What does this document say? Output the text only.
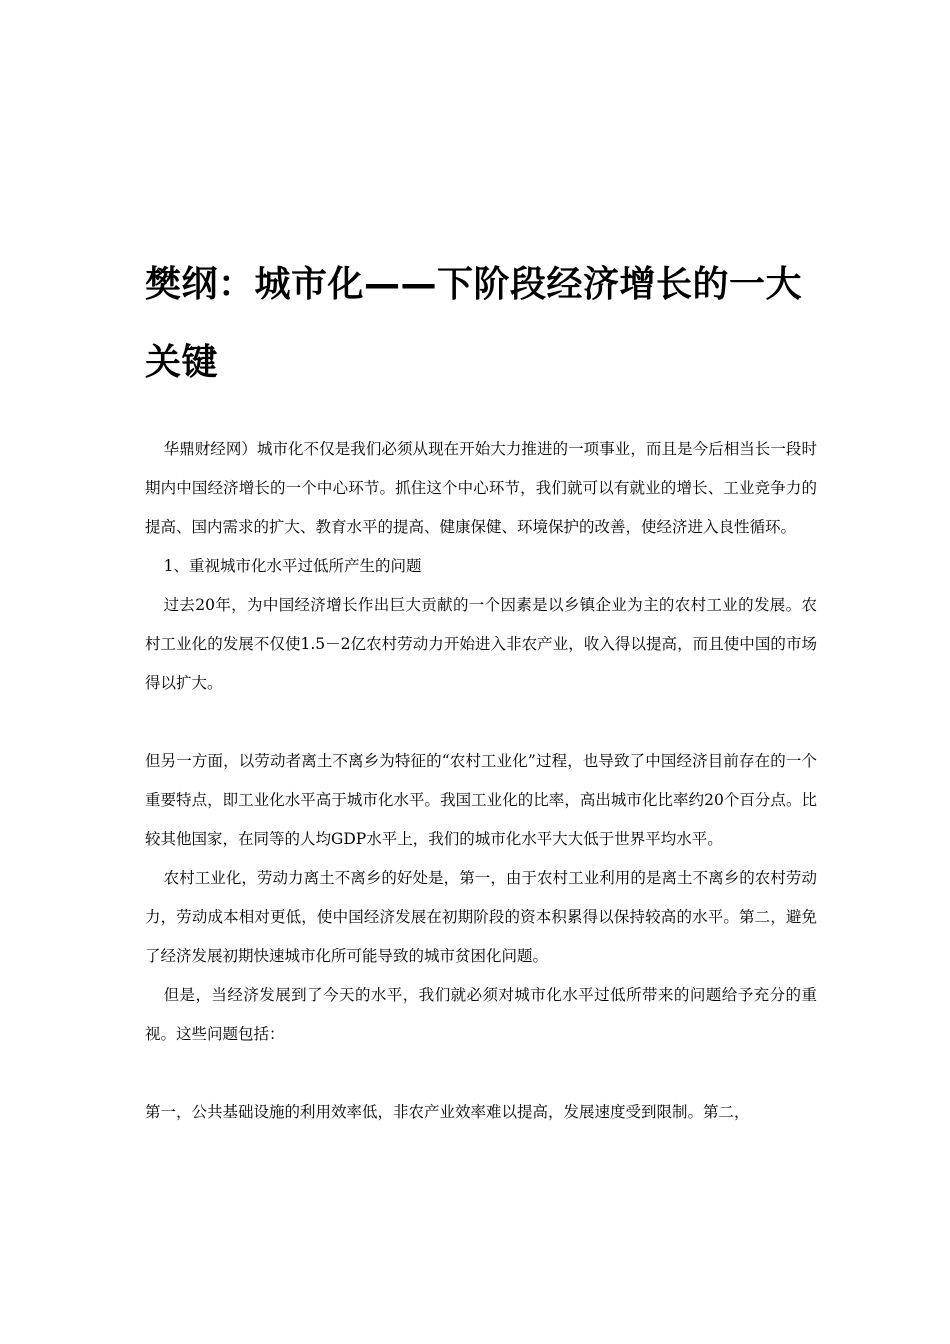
樊纲：城市化——下阶段经济增长的一大关键

华鼎财经网）城市化不仅是我们必须从现在开始大力推进的一项事业，而且是今后相当长一段时期内中国经济增长的一个中心环节。抓住这个中心环节，我们就可以有就业的增长、工业竞争力的提高、国内需求的扩大、教育水平的提高、健康保健、环境保护的改善，使经济进入良性循环。

1、重视城市化水平过低所产生的问题

过去20年，为中国经济增长作出巨大贡献的一个因素是以乡镇企业为主的农村工业的发展。农村工业化的发展不仅使1.5－2亿农村劳动力开始进入非农产业，收入得以提高，而且使中国的市场得以扩大。

但另一方面，以劳动者离土不离乡为特征的“农村工业化”过程，也导致了中国经济目前存在的一个重要特点，即工业化水平高于城市化水平。我国工业化的比率，高出城市化比率约20个百分点。比较其他国家，在同等的人均GDP水平上，我们的城市化水平大大低于世界平均水平。

农村工业化，劳动力离土不离乡的好处是，第一，由于农村工业利用的是离土不离乡的农村劳动力，劳动成本相对更低，使中国经济发展在初期阶段的资本积累得以保持较高的水平。第二，避免了经济发展初期快速城市化所可能导致的城市贫困化问题。

但是，当经济发展到了今天的水平，我们就必须对城市化水平过低所带来的问题给予充分的重视。这些问题包括：

第一，公共基础设施的利用效率低，非农产业效率难以提高，发展速度受到限制。第二，
